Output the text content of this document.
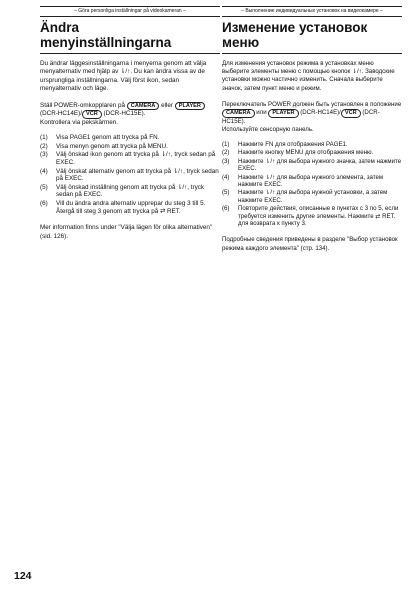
– Göra personliga inställningar på videokameran –
Ändra
menyinställningarna

Du ändrar läggesinställningarna i menyerna genom att välja menyalternativ med hjälp av ⇂/↑. Du kan ändra vissa av de ursprungliga inställningarna. Välj först ikon, sedan menyalternativ och läge.

Ställ POWER-omkopplaren på CAMERA eller PLAYER(DCR-HC14E)/ VCR (DCR-HC15E).

Kontrollera via pekskärmen.

(1)	Visa PAGE1 genom att trycka på FN.
(2)	Visa menyn genom att trycka på MENU.
(3)	Välj önskad ikon genom att trycka på ⇂/↑, tryck sedan på EXEC.
(4)	Välj önskat alternativ genom att trycka på ⇂/↑, tryck sedan på EXEC.
(5)	Välj önskad inställning genom att trycka på ⇂/↑, tryck sedan på EXEC.
(6)	Vill du ändra andra alternativ upprepar du steg 3 till 5. Återgå till steg 3 genom att trycka på ⇄ RET.

Mer information finns under "Välja lägen för olika alternativen" (sid. 126).

– Выполнение индивидуальных установок на видеокамере –
Изменение установок
меню

Для изменения установок режима в установках меню выберите элементы меню с помощью кнопок ⇂/↑. Заводские установки можно частично изменить. Сначала выберите значок, затем пункт меню и режим.

Переключатель POWER должен быть установлен в положение CAMERA или PLAYER (DCR-HC14E)/ VCR (DCR-HC15E).

Используйте сенсорную панель.

(1)	Нажмите FN для отображения PAGE1.
(2)	Нажмите кнопку MENU для отображения меню.
(3)	Нажмите ⇂/↑ для выбора нужного значка, затем нажмите EXEC.
(4)	Нажмите ⇂/↑ для выбора нужного элемента, затем нажмите EXEC.
(5)	Нажмите ⇂/↑ для выбора нужной установки, а затем нажмите EXEC.
(6)	Повторите действия, описанные в пунктах с 3 по 5, если требуется изменить другие элементы. Нажмите ⇄ RET. для возврата к пункту 3.

Подробные сведения приведены в разделе "Выбор установок режима каждого элемента" (стр. 134).

124
